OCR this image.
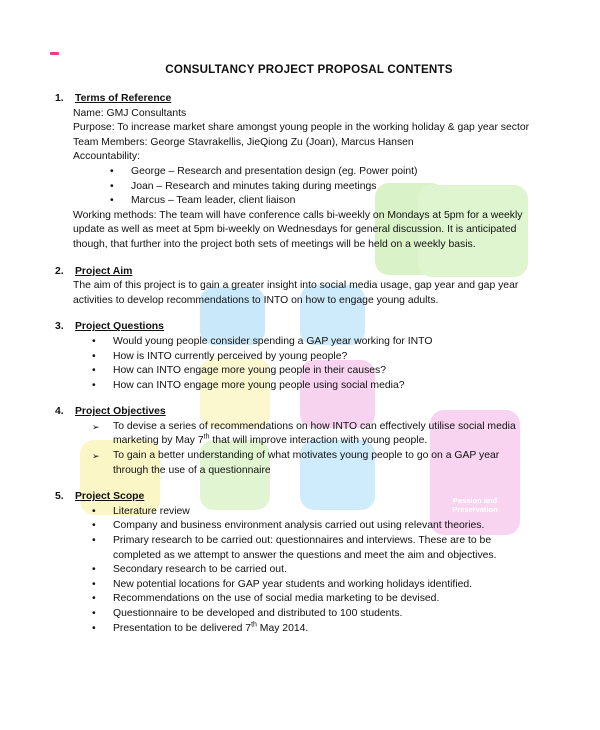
Passion and Preservation
CONSULTANCY PROJECT PROPOSAL CONTENTS
1.	Terms of Reference

Name: GMJ Consultants

Purpose: To increase market share amongst young people in the working holiday & gap year sector

Team Members: George Stavrakellis, JieQiong Zu (Joan), Marcus Hansen

Accountability:

• George – Research and presentation design (eg. Power point)
• Joan – Research and minutes taking during meetings
• Marcus – Team leader, client liaison

Working methods: The team will have conference calls bi-weekly on Mondays at 5pm for a weekly update as well as meet at 5pm bi-weekly on Wednesdays for general discussion. It is anticipated though, that further into the project both sets of meetings will be held on a weekly basis.

2.	Project Aim

The aim of this project is to gain a greater insight into social media usage, gap year and gap year activities to develop recommendations to INTO on how to engage young adults.

3.	Project Questions
• Would young people consider spending a GAP year working for INTO
• How is INTO currently perceived by young people?
• How can INTO engage more young people in their causes?
• How can INTO engage more young people using social media?
4.	Project Objectives
➢ To devise a series of recommendations on how INTO can effectively utilise social media marketing by May 7th that will improve interaction with young people.
➢ To gain a better understanding of what motivates young people to go on a GAP year through the use of a questionnaire
5.	Project Scope
• Literature review
• Company and business environment analysis carried out using relevant theories.
• Primary research to be carried out: questionnaires and interviews. These are to be completed as we attempt to answer the questions and meet the aim and objectives.
• Secondary research to be carried out.
• New potential locations for GAP year students and working holidays identified.
• Recommendations on the use of social media marketing to be devised.
• Questionnaire to be developed and distributed to 100 students.
• Presentation to be delivered 7th May 2014.
